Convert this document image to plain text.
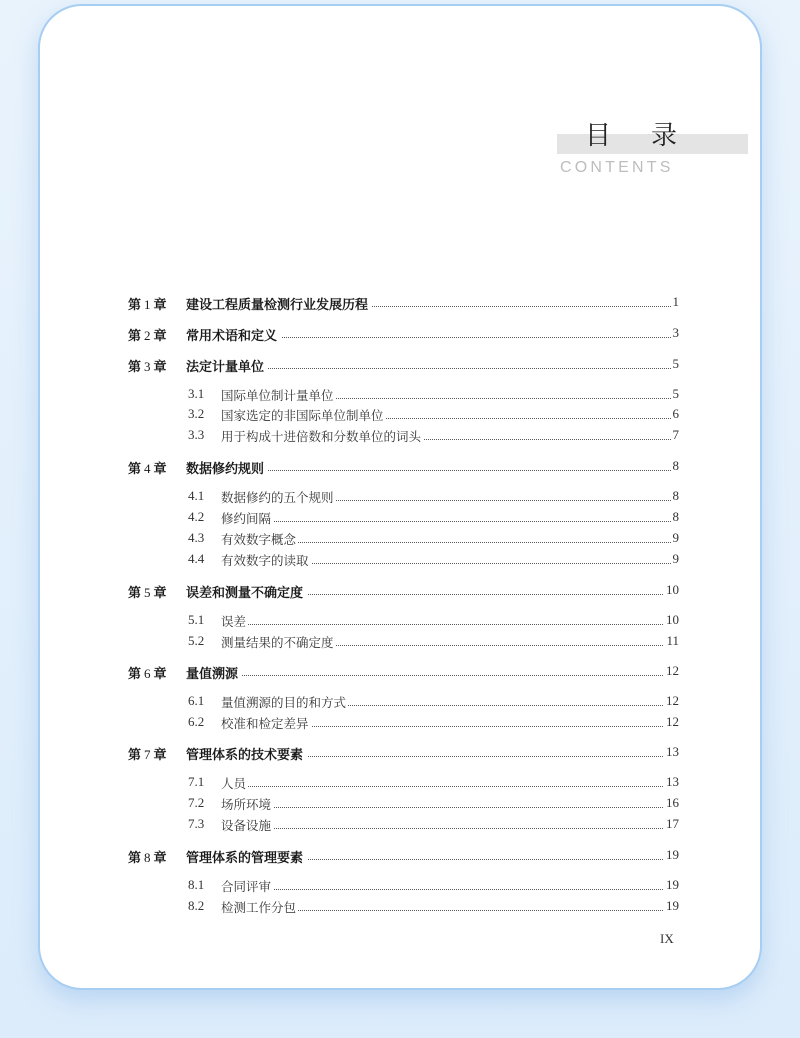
目 录
CONTENTS
第 1 章 建设工程质量检测行业发展历程	1
第 2 章 常用术语和定义	3
第 3 章 法定计量单位	5
3.1 国际单位制计量单位	5
3.2 国家选定的非国际单位制单位	6
3.3 用于构成十进倍数和分数单位的词头	7
第 4 章 数据修约规则	8
4.1 数据修约的五个规则	8
4.2 修约间隔	8
4.3 有效数字概念	9
4.4 有效数字的读取	9
第 5 章 误差和测量不确定度	10
5.1 误差	10
5.2 测量结果的不确定度	11
第 6 章 量值溯源	12
6.1 量值溯源的目的和方式	12
6.2 校准和检定差异	12
第 7 章 管理体系的技术要素	13
7.1 人员	13
7.2 场所环境	16
7.3 设备设施	17
第 8 章 管理体系的管理要素	19
8.1 合同评审	19
8.2 检测工作分包	19
IX
